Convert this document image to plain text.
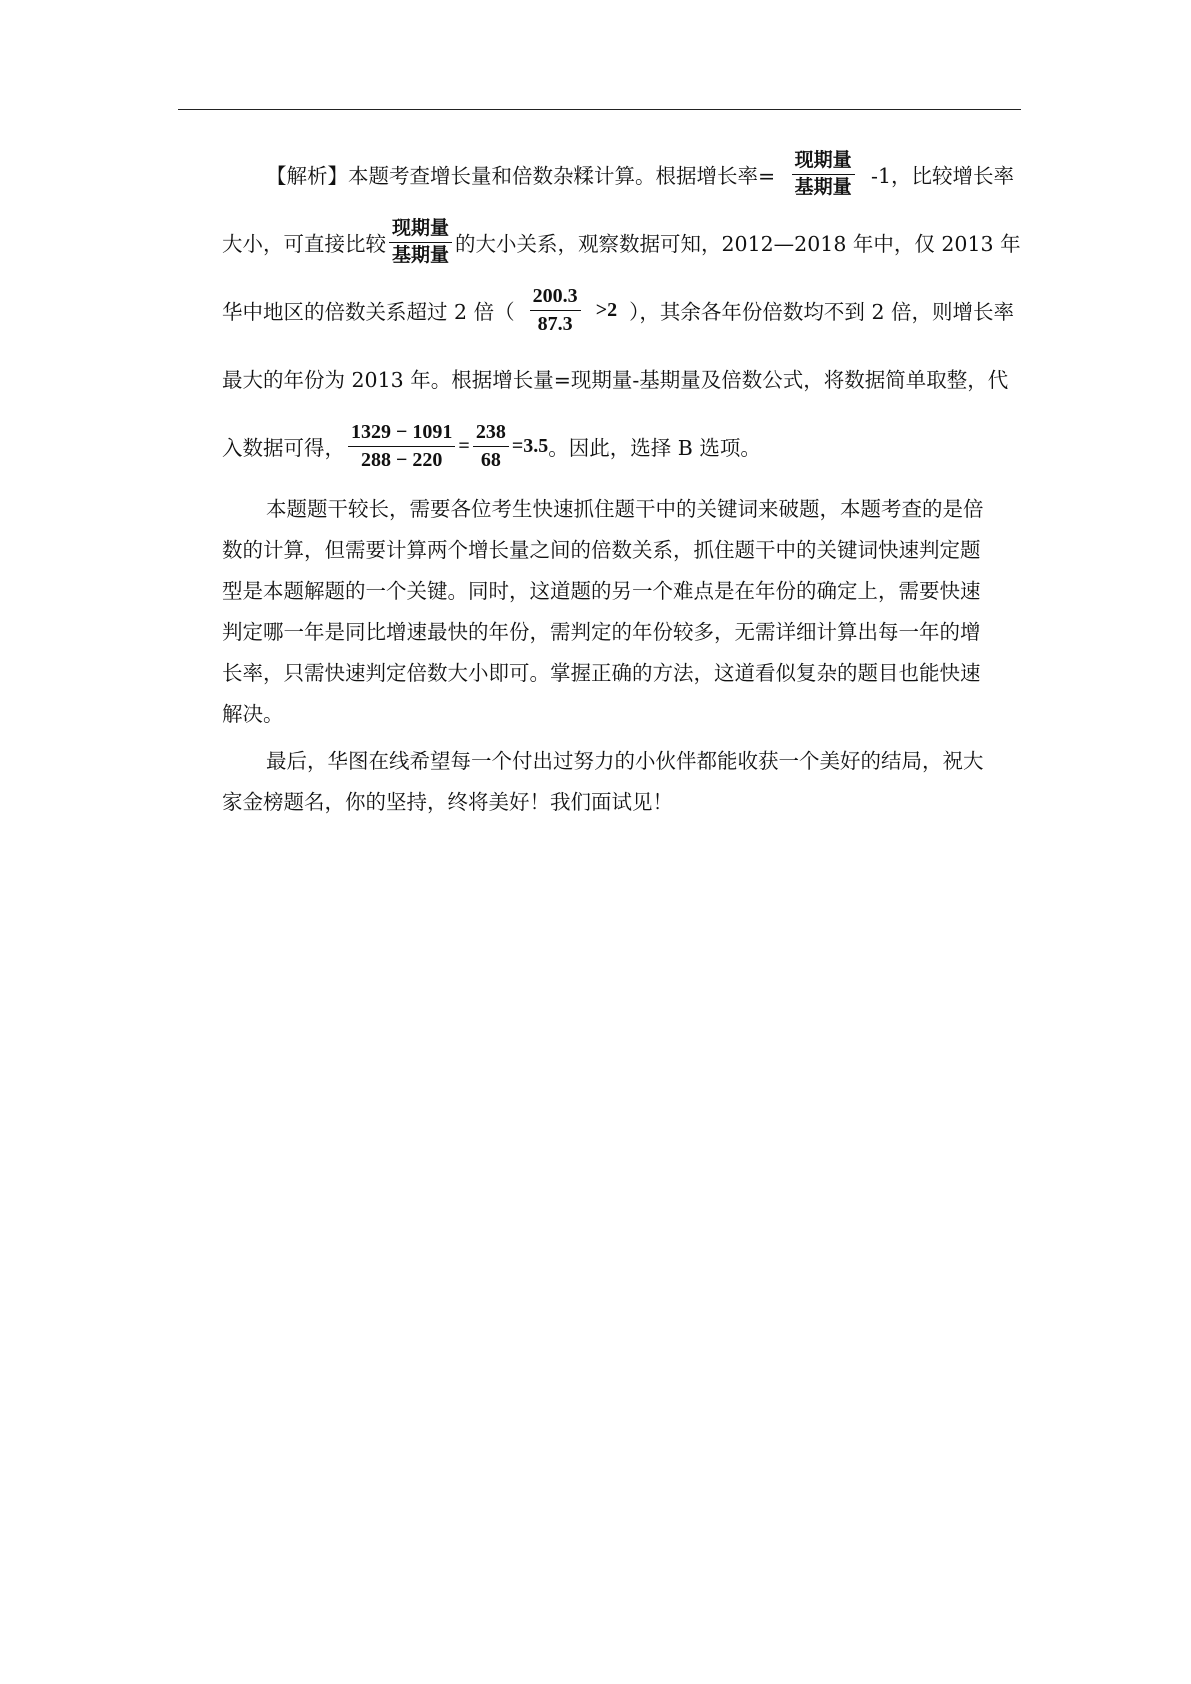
【解析】本题考查增长量和倍数杂糅计算。根据增长率= $\frac{\text{现期量}}{\text{基期量}} -1$，比较增长率
大小，可直接比较 $\frac{\text{现期量}}{\text{基期量}}$ 的大小关系，观察数据可知，2012—2018 年中，仅 2013 年
华中地区的倍数关系超过 2 倍（ $\frac{200.3}{87.3} >2$ ），其余各年份倍数均不到 2 倍，则增长率
最大的年份为 2013 年。根据增长量=现期量-基期量及倍数公式，将数据简单取整，代
入数据可得， $\frac{1329 - 1091}{288 - 220} = \frac{238}{68} =3.5$ 。因此，选择 B 选项。
本题题干较长，需要各位考生快速抓住题干中的关键词来破题，本题考查的是倍
数的计算，但需要计算两个增长量之间的倍数关系，抓住题干中的关键词快速判定题
型是本题解题的一个关键。同时，这道题的另一个难点是在年份的确定上，需要快速
判定哪一年是同比增速最快的年份，需判定的年份较多，无需详细计算出每一年的增
长率，只需快速判定倍数大小即可。掌握正确的方法，这道看似复杂的题目也能快速
解决。
最后，华图在线希望每一个付出过努力的小伙伴都能收获一个美好的结局，祝大
家金榜题名，你的坚持，终将美好！我们面试见！
